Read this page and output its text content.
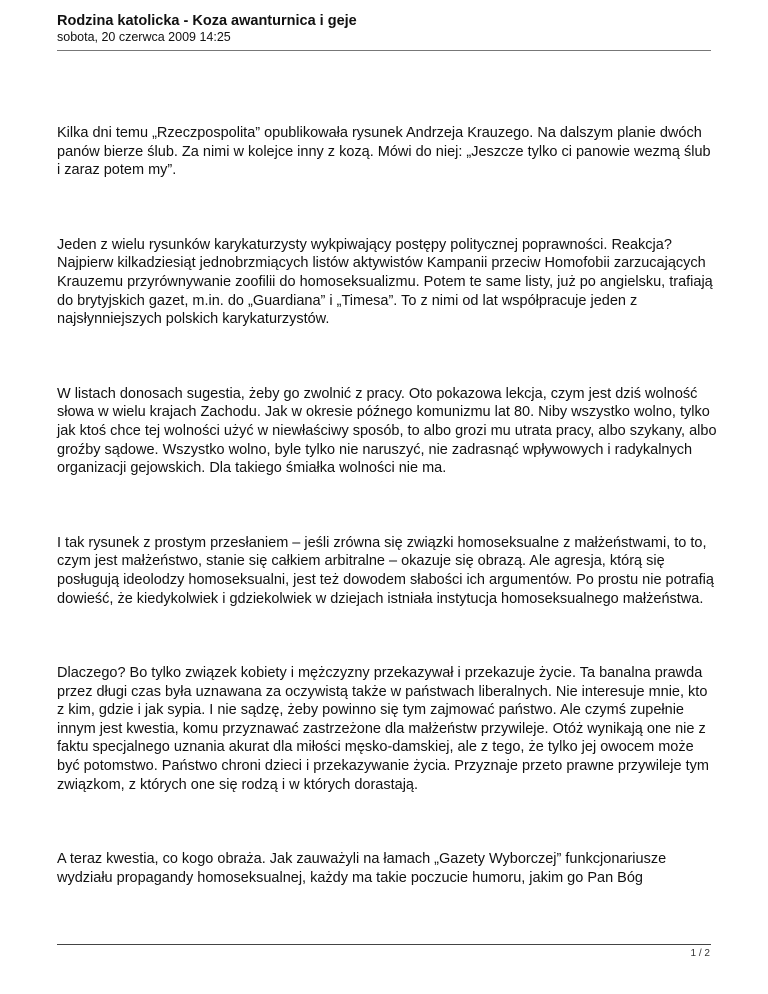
Rodzina katolicka - Koza awanturnica i geje

sobota, 20 czerwca 2009 14:25

Kilka dni temu „Rzeczpospolita” opublikowała rysunek Andrzeja Krauzego. Na dalszym planie dwóch panów bierze ślub. Za nimi w kolejce inny z kozą. Mówi do niej: „Jeszcze tylko ci panowie wezmą ślub i zaraz potem my”.

Jeden z wielu rysunków karykaturzysty wykpiwający postępy politycznej poprawności. Reakcja? Najpierw kilkadziesiąt jednobrzmiących listów aktywistów Kampanii przeciw Homofobii zarzucających Krauzemu przyrównywanie zoofilii do homoseksualizmu. Potem te same listy, już po angielsku, trafiają do brytyjskich gazet, m.in. do „Guardiana” i „Timesa”. To z nimi od lat współpracuje jeden z najsłynniejszych polskich karykaturzystów.

W listach donosach sugestia, żeby go zwolnić z pracy. Oto pokazowa lekcja, czym jest dziś wolność słowa w wielu krajach Zachodu. Jak w okresie późnego komunizmu lat 80. Niby wszystko wolno, tylko jak ktoś chce tej wolności użyć w niewłaściwy sposób, to albo grozi mu utrata pracy, albo szykany, albo groźby sądowe. Wszystko wolno, byle tylko nie naruszyć, nie zadrasnąć wpływowych i radykalnych organizacji gejowskich. Dla takiego śmiałka wolności nie ma.

I tak rysunek z prostym przesłaniem – jeśli zrówna się związki homoseksualne z małżeństwami, to to, czym jest małżeństwo, stanie się całkiem arbitralne – okazuje się obrazą. Ale agresja, którą się posługują ideolodzy homoseksualni, jest też dowodem słabości ich argumentów. Po prostu nie potrafią dowieść, że kiedykolwiek i gdziekolwiek w dziejach istniała instytucja homoseksualnego małżeństwa.

Dlaczego? Bo tylko związek kobiety i mężczyzny przekazywał i przekazuje życie. Ta banalna prawda przez długi czas była uznawana za oczywistą także w państwach liberalnych. Nie interesuje mnie, kto z kim, gdzie i jak sypia. I nie sądzę, żeby powinno się tym zajmować państwo. Ale czymś zupełnie innym jest kwestia, komu przyznawać zastrzeżone dla małżeństw przywileje. Otóż wynikają one nie z faktu specjalnego uznania akurat dla miłości męsko-damskiej, ale z tego, że tylko jej owocem może być potomstwo. Państwo chroni dzieci i przekazywanie życia. Przyznaje przeto prawne przywileje tym związkom, z których one się rodzą i w których dorastają.

A teraz kwestia, co kogo obraża. Jak zauważyli na łamach „Gazety Wyborczej” funkcjonariusze wydziału propagandy homoseksualnej, każdy ma takie poczucie humoru, jakim go Pan Bóg

1 / 2
